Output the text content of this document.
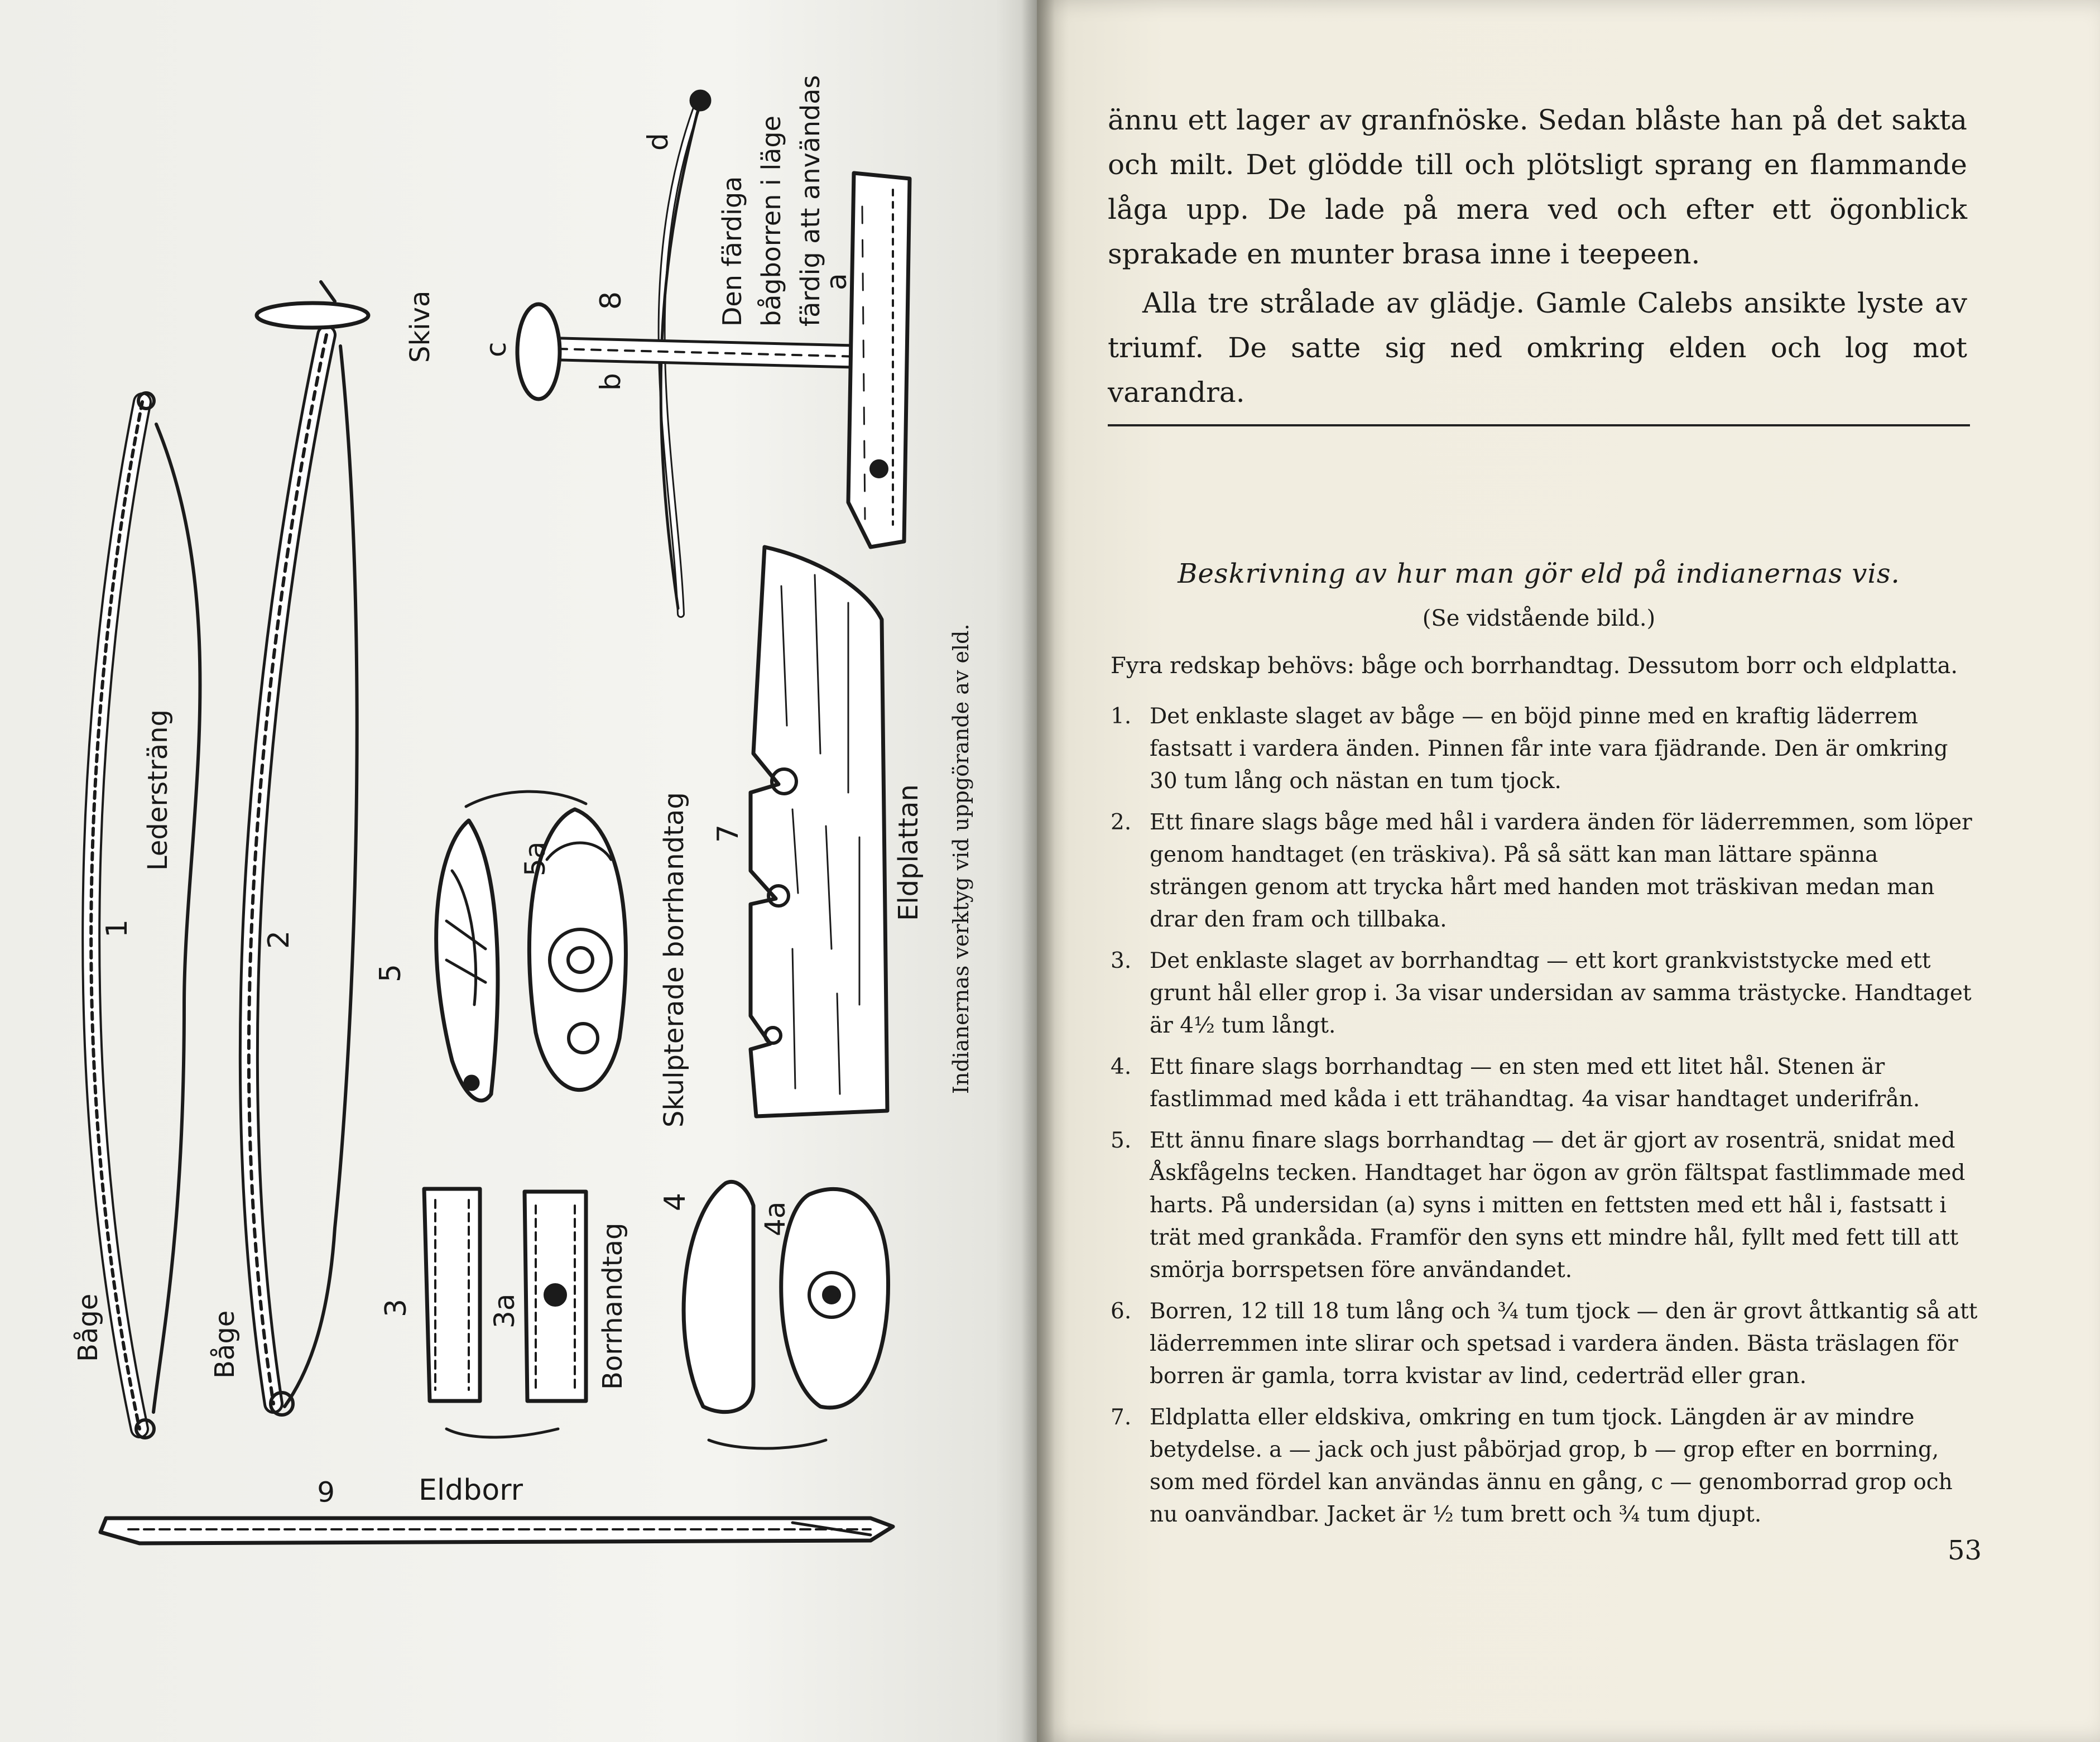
1
Ledersträng
Båge
2
Båge
Skiva
5
5a	Skulpterade borrhandtag 7	Eldplattan
3	3a	Borrhandtag
4 4a
6	Eldborr
b
8
c
d
a
Den färdiga bågborren i läge färdig att användas
Indianernas verktyg vid uppgörande av eld.

ännu ett lager av granfnöske. Sedan blåste han på det sakta och milt. Det glödde till och plötsligt sprang en flammande låga upp. De lade på mera ved och efter ett ögonblick sprakade en munter brasa inne i teepeen.

Alla tre strålade av glädje. Gamle Calebs ansikte lyste av triumf. De satte sig ned omkring elden och log mot varandra.

Beskrivning av hur man gör eld på indianernas vis.
(Se vidstående bild.)
Fyra redskap behövs: båge och borrhandtag. Dessutom borr och eldplatta.
1. Det enklaste slaget av båge — en böjd pinne med en kraftig läderrem fastsatt i vardera änden. Pinnen får inte vara fjädrande. Den är omkring 30 tum lång och nästan en tum tjock.
2. Ett finare slags båge med hål i vardera änden för läderremmen, som löper genom handtaget (en träskiva). På så sätt kan man lättare spänna strängen genom att trycka hårt med handen mot träskivan medan man drar den fram och tillbaka.
3. Det enklaste slaget av borrhandtag — ett kort grankviststycke med ett grunt hål eller grop i. 3a visar undersidan av samma trästycke. Handtaget är 4½ tum långt.
4. Ett finare slags borrhandtag — en sten med ett litet hål. Stenen är fastlimmad med kåda i ett trähandtag. 4a visar handtaget underifrån.
5. Ett ännu finare slags borrhandtag — det är gjort av rosenträ, snidat med Åskfågelns tecken. Handtaget har ögon av grön fältspat fastlimmade med harts. På undersidan (a) syns i mitten en fettsten med ett hål i, fastsatt i trät med grankåda. Framför den syns ett mindre hål, fyllt med fett till att smörja borrspetsen före användandet.
6. Borren, 12 till 18 tum lång och ¾ tum tjock — den är grovt åttkantig så att läderremmen inte slirar och spetsad i vardera änden. Bästa träslagen för borren är gamla, torra kvistar av lind, cederträd eller gran.
7. Eldplatta eller eldskiva, omkring en tum tjock. Längden är av mindre betydelse. a — jack och just påbörjad grop, b — grop efter en borrning, som med fördel kan användas ännu en gång, c — genomborrad grop och nu oanvändbar. Jacket är ½ tum brett och ¾ tum djupt.
53
